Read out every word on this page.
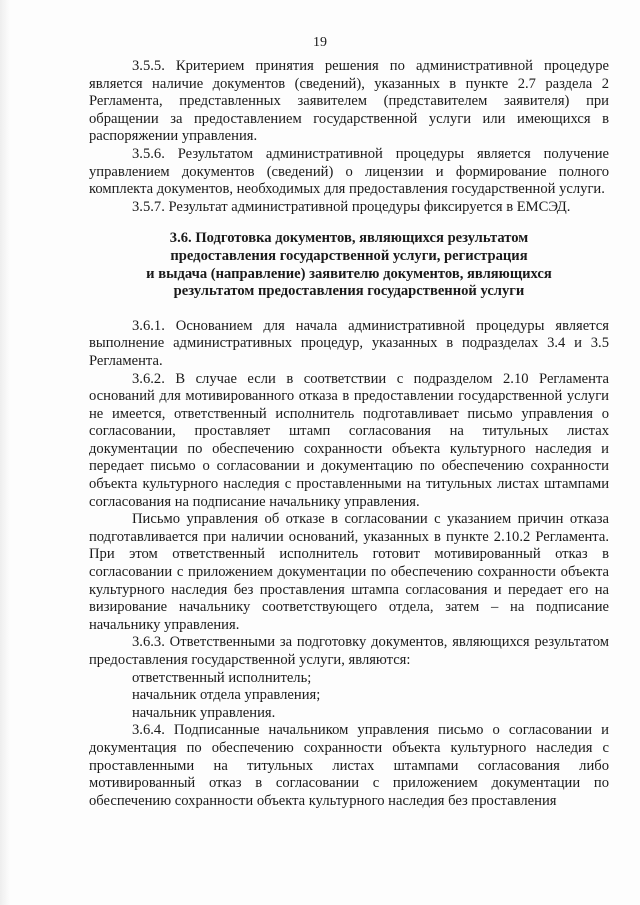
19

3.5.5. Критерием принятия решения по административной процедуре является наличие документов (сведений), указанных в пункте 2.7 раздела 2 Регламента, представленных заявителем (представителем заявителя) при обращении за предоставлением государственной услуги или имеющихся в распоряжении управления.

3.5.6. Результатом административной процедуры является получение управлением документов (сведений) о лицензии и формирование полного комплекта документов, необходимых для предоставления государственной услуги.

3.5.7. Результат административной процедуры фиксируется в ЕМСЭД.

3.6. Подготовка документов, являющихся результатом
предоставления государственной услуги, регистрация
и выдача (направление) заявителю документов, являющихся
результатом предоставления государственной услуги

3.6.1. Основанием для начала административной процедуры является выполнение административных процедур, указанных в подразделах 3.4 и 3.5 Регламента.

3.6.2. В случае если в соответствии с подразделом 2.10 Регламента оснований для мотивированного отказа в предоставлении государственной услуги не имеется, ответственный исполнитель подготавливает письмо управления о согласовании, проставляет штамп согласования на титульных листах документации по обеспечению сохранности объекта культурного наследия и передает письмо о согласовании и документацию по обеспечению сохранности объекта культурного наследия с проставленными на титульных листах штампами согласования на подписание начальнику управления.

Письмо управления об отказе в согласовании с указанием причин отказа подготавливается при наличии оснований, указанных в пункте 2.10.2 Регламента. При этом ответственный исполнитель готовит мотивированный отказ в согласовании с приложением документации по обеспечению сохранности объекта культурного наследия без проставления штампа согласования и передает его на визирование начальнику соответствующего отдела, затем – на подписание начальнику управления.

3.6.3. Ответственными за подготовку документов, являющихся результатом предоставления государственной услуги, являются:

ответственный исполнитель;

начальник отдела управления;

начальник управления.

3.6.4. Подписанные начальником управления письмо о согласовании и документация по обеспечению сохранности объекта культурного наследия с проставленными на титульных листах штампами согласования либо мотивированный отказ в согласовании с приложением документации по обеспечению сохранности объекта культурного наследия без проставления
